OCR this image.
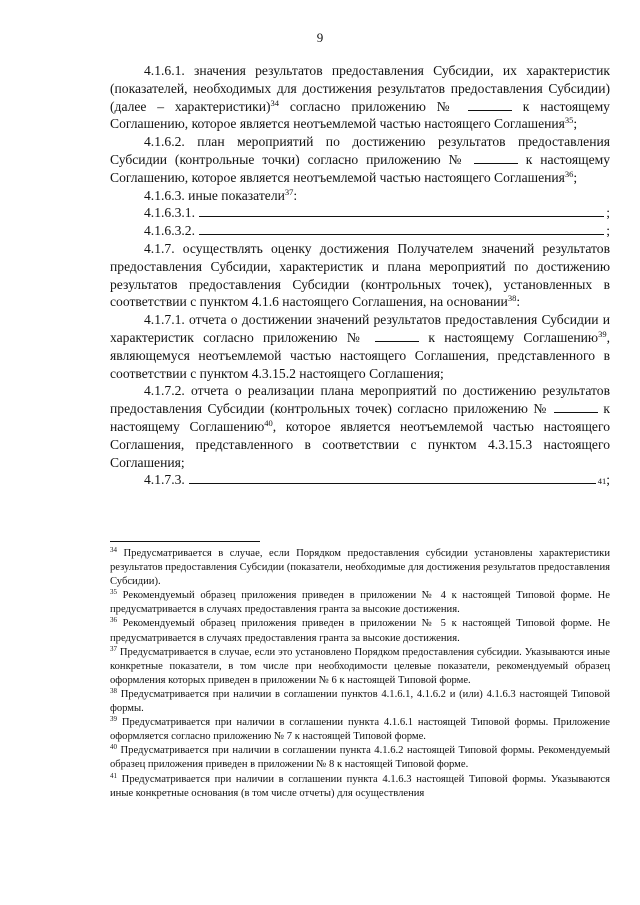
9

4.1.6.1. значения результатов предоставления Субсидии, их характеристик (показателей, необходимых для достижения результатов предоставления Субсидии) (далее – характеристики)$^{34}$ согласно приложению №	к настоящему Соглашению, которое является неотъемлемой частью настоящего Соглашения$^{35}$;

4.1.6.2. план мероприятий по достижению результатов предоставления Субсидии (контрольные точки) согласно приложению №	к настоящему Соглашению, которое является неотъемлемой частью настоящего Соглашения$^{36}$;

4.1.6.3. иные показатели$^{37}$:

4.1.6.3.1.	;
4.1.6.3.2.	;

4.1.7. осуществлять оценку достижения Получателем значений результатов предоставления Субсидии, характеристик и плана мероприятий по достижению результатов предоставления Субсидии (контрольных точек), установленных в соответствии с пунктом 4.1.6 настоящего Соглашения, на основании$^{38}$:

4.1.7.1. отчета о достижении значений результатов предоставления Субсидии и характеристик согласно приложению №	к настоящему Соглашению$^{39}$, являющемуся неотъемлемой частью настоящего Соглашения, представленного в соответствии с пунктом 4.3.15.2 настоящего Соглашения;

4.1.7.2. отчета о реализации плана мероприятий по достижению результатов предоставления Субсидии (контрольных точек) согласно приложению №	к настоящему Соглашению$^{40}$, которое является неотъемлемой частью настоящего Соглашения, представленного в соответствии с пунктом 4.3.15.3 настоящего Соглашения;

4.1.7.3.	41 ;

$^{34}$ Предусматривается в случае, если Порядком предоставления субсидии установлены характеристики результатов предоставления Субсидии (показатели, необходимые для достижения результатов предоставления Субсидии).

$^{35}$ Рекомендуемый образец приложения приведен в приложении № 4 к настоящей Типовой форме. Не предусматривается в случаях предоставления гранта за высокие достижения.

$^{36}$ Рекомендуемый образец приложения приведен в приложении № 5 к настоящей Типовой форме. Не предусматривается в случаях предоставления гранта за высокие достижения.

$^{37}$ Предусматривается в случае, если это установлено Порядком предоставления субсидии. Указываются иные конкретные показатели, в том числе при необходимости целевые показатели, рекомендуемый образец оформления которых приведен в приложении № 6 к настоящей Типовой форме.

$^{38}$ Предусматривается при наличии в соглашении пунктов 4.1.6.1, 4.1.6.2 и (или) 4.1.6.3 настоящей Типовой формы.

$^{39}$ Предусматривается при наличии в соглашении пункта 4.1.6.1 настоящей Типовой формы. Приложение оформляется согласно приложению № 7 к настоящей Типовой форме.

$^{40}$ Предусматривается при наличии в соглашении пункта 4.1.6.2 настоящей Типовой формы. Рекомендуемый образец приложения приведен в приложении № 8 к настоящей Типовой форме.

$^{41}$ Предусматривается при наличии в соглашении пункта 4.1.6.3 настоящей Типовой формы. Указываются иные конкретные основания (в том числе отчеты) для осуществления
